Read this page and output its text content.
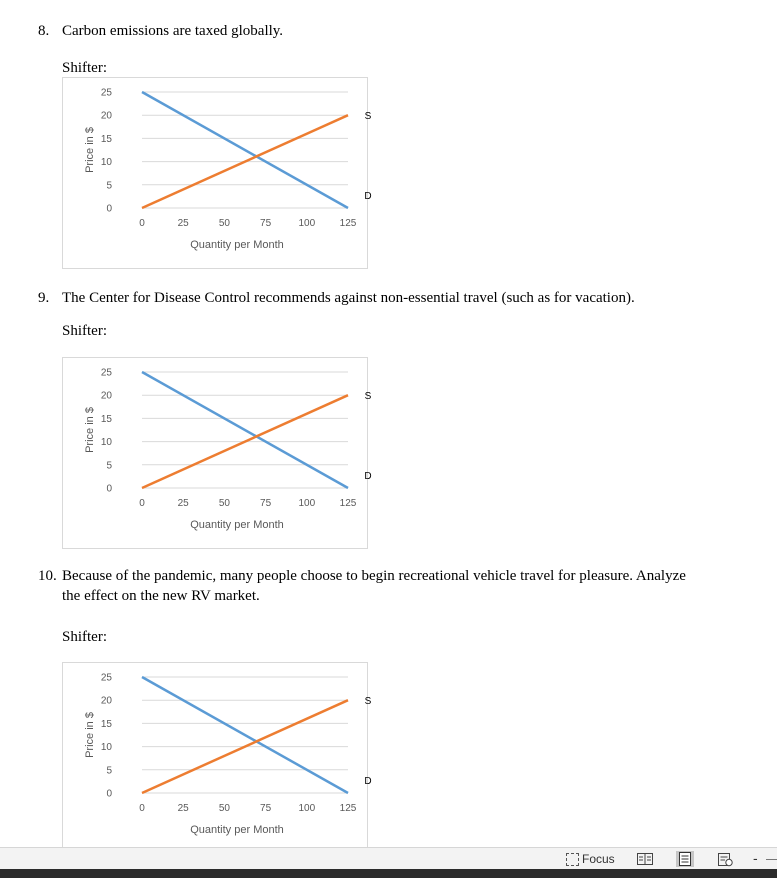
8. Carbon emissions are taxed globally.
Shifter:
25
20
15
10
5
0
0	25	50	75	100 125
Quantity per Month
Price in $
D
S
9. The Center for Disease Control recommends against non-essential travel (such as for vacation).
Shifter:
25
20
15
10
5
0
0	25	50	75	100 125
Quantity per Month
Price in $
D
S
10. Because of the pandemic, many people choose to begin recreational vehicle travel for pleasure. Analyze
the effect on the new RV market.
Shifter:
25
20
15
10
5
0
0	25	50	75	100 125
Quantity per Month
Price in $
D
S
Focus	-
